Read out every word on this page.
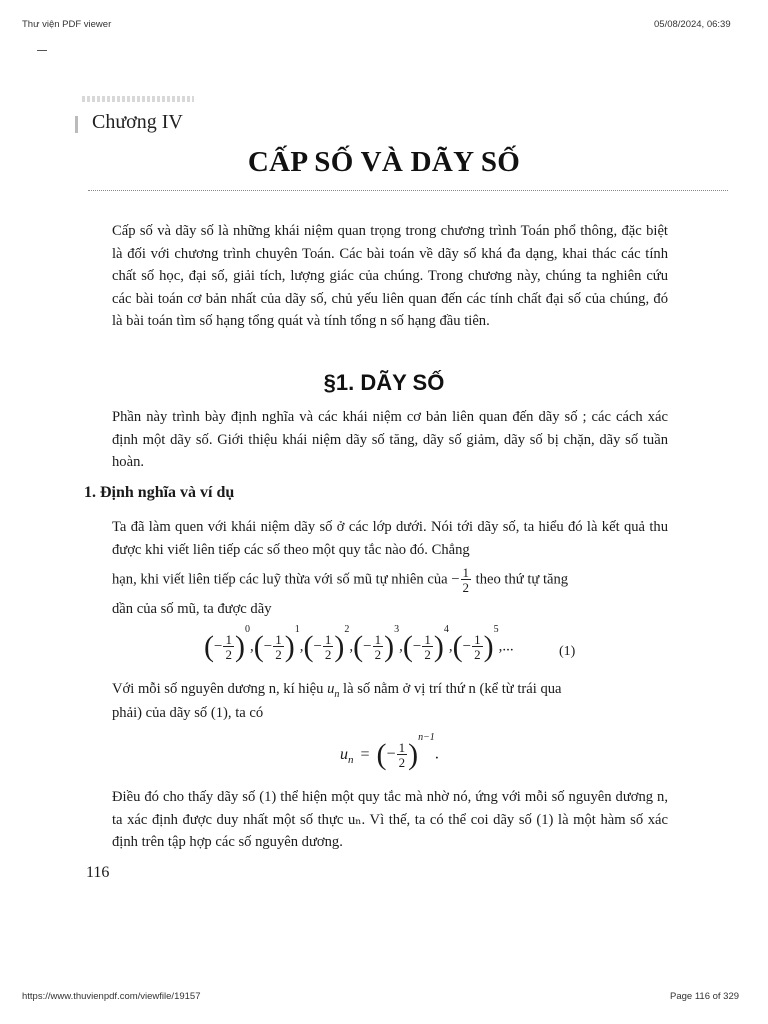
Thư viện PDF viewer	05/08/2024, 06:39
Chương IV
CẤP SỐ VÀ DÃY SỐ

Cấp số và dãy số là những khái niệm quan trọng trong chương trình Toán phổ thông, đặc biệt là đối với chương trình chuyên Toán. Các bài toán về dãy số khá đa dạng, khai thác các tính chất số học, đại số, giải tích, lượng giác của chúng. Trong chương này, chúng ta nghiên cứu các bài toán cơ bản nhất của dãy số, chủ yếu liên quan đến các tính chất đại số của chúng, đó là bài toán tìm số hạng tổng quát và tính tổng n số hạng đầu tiên.

§1. DÃY SỐ

Phần này trình bày định nghĩa và các khái niệm cơ bản liên quan đến dãy số ; các cách xác định một dãy số. Giới thiệu khái niệm dãy số tăng, dãy số giảm, dãy số bị chặn, dãy số tuần hoàn.

1. Định nghĩa và ví dụ

Ta đã làm quen với khái niệm dãy số ở các lớp dưới. Nói tới dãy số, ta hiểu đó là kết quả thu được khi viết liên tiếp các số theo một quy tắc nào đó. Chẳng

hạn, khi viết liên tiếp các luỹ thừa với số mũ tự nhiên của − $\frac{1}{2}$ theo thứ tự tăng
dần của số mũ, ta được dãy
(− $\frac{1}{2} )^0,(- \frac{1}{2} )^1,(- \frac{1}{2} )^2,(- \frac{1}{2} )^3,(- \frac{1}{2} )^4,(- \frac{1}{2} )^5$,...	(1)
Với mỗi số nguyên dương n, kí hiệu $u_n$ là số nằm ở vị trí thứ n (kể từ trái qua
phải) của dãy số (1), ta có
$u_n$ = (− $\frac{1}{2} )^{n-1}$.

Điều đó cho thấy dãy số (1) thể hiện một quy tắc mà nhờ nó, ứng với mỗi số nguyên dương n, ta xác định được duy nhất một số thực uₙ. Vì thế, ta có thể coi dãy số (1) là một hàm số xác định trên tập hợp các số nguyên dương.

116
https://www.thuvienpdf.com/viewfile/19157	Page 116 of 329
